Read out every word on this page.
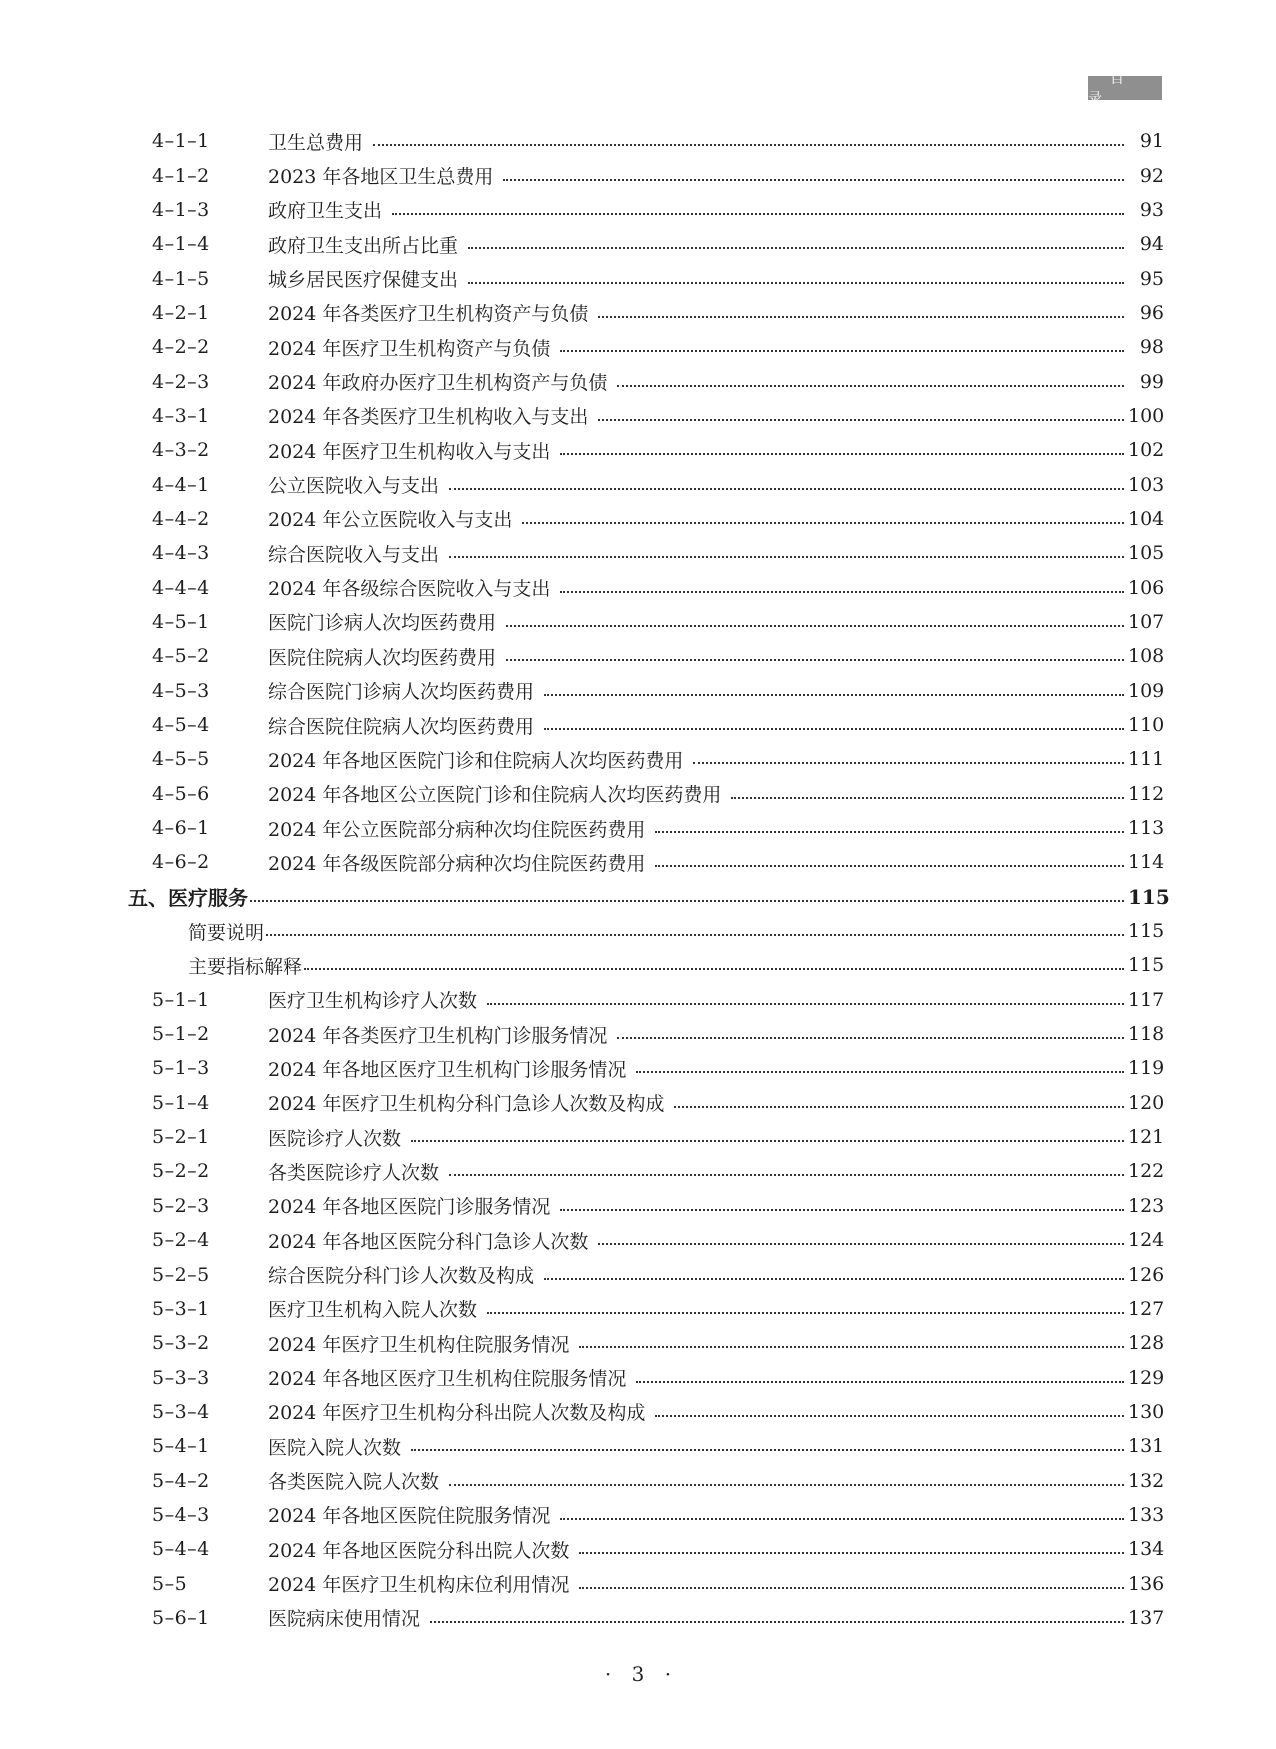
目 录
4–1–1	卫生总费用	91
4–1–2	2023 年各地区卫生总费用	92
4–1–3	政府卫生支出	93
4–1–4	政府卫生支出所占比重	94
4–1–5	城乡居民医疗保健支出	95
4–2–1	2024 年各类医疗卫生机构资产与负债	96
4–2–2	2024 年医疗卫生机构资产与负债	98
4–2–3	2024 年政府办医疗卫生机构资产与负债	99
4–3–1	2024 年各类医疗卫生机构收入与支出	100
4–3–2	2024 年医疗卫生机构收入与支出	102
4–4–1	公立医院收入与支出	103
4–4–2	2024 年公立医院收入与支出	104
4–4–3	综合医院收入与支出	105
4–4–4	2024 年各级综合医院收入与支出	106
4–5–1	医院门诊病人次均医药费用	107
4–5–2	医院住院病人次均医药费用	108
4–5–3	综合医院门诊病人次均医药费用	109
4–5–4	综合医院住院病人次均医药费用	110
4–5–5	2024 年各地区医院门诊和住院病人次均医药费用	111
4–5–6	2024 年各地区公立医院门诊和住院病人次均医药费用	112
4–6–1	2024 年公立医院部分病种次均住院医药费用	113
4–6–2	2024 年各级医院部分病种次均住院医药费用	114
五、医疗服务	115
简要说明	115
主要指标解释	115
5–1–1	医疗卫生机构诊疗人次数	117
5–1–2	2024 年各类医疗卫生机构门诊服务情况	118
5–1–3	2024 年各地区医疗卫生机构门诊服务情况	119
5–1–4	2024 年医疗卫生机构分科门急诊人次数及构成	120
5–2–1	医院诊疗人次数	121
5–2–2	各类医院诊疗人次数	122
5–2–3	2024 年各地区医院门诊服务情况	123
5–2–4	2024 年各地区医院分科门急诊人次数	124
5–2–5	综合医院分科门诊人次数及构成	126
5–3–1	医疗卫生机构入院人次数	127
5–3–2	2024 年医疗卫生机构住院服务情况	128
5–3–3	2024 年各地区医疗卫生机构住院服务情况	129
5–3–4	2024 年医疗卫生机构分科出院人次数及构成	130
5–4–1	医院入院人次数	131
5–4–2	各类医院入院人次数	132
5–4–3	2024 年各地区医院住院服务情况	133
5–4–4	2024 年各地区医院分科出院人次数	134
5–5	2024 年医疗卫生机构床位利用情况	136
5–6–1	医院病床使用情况	137
· 3 ·
